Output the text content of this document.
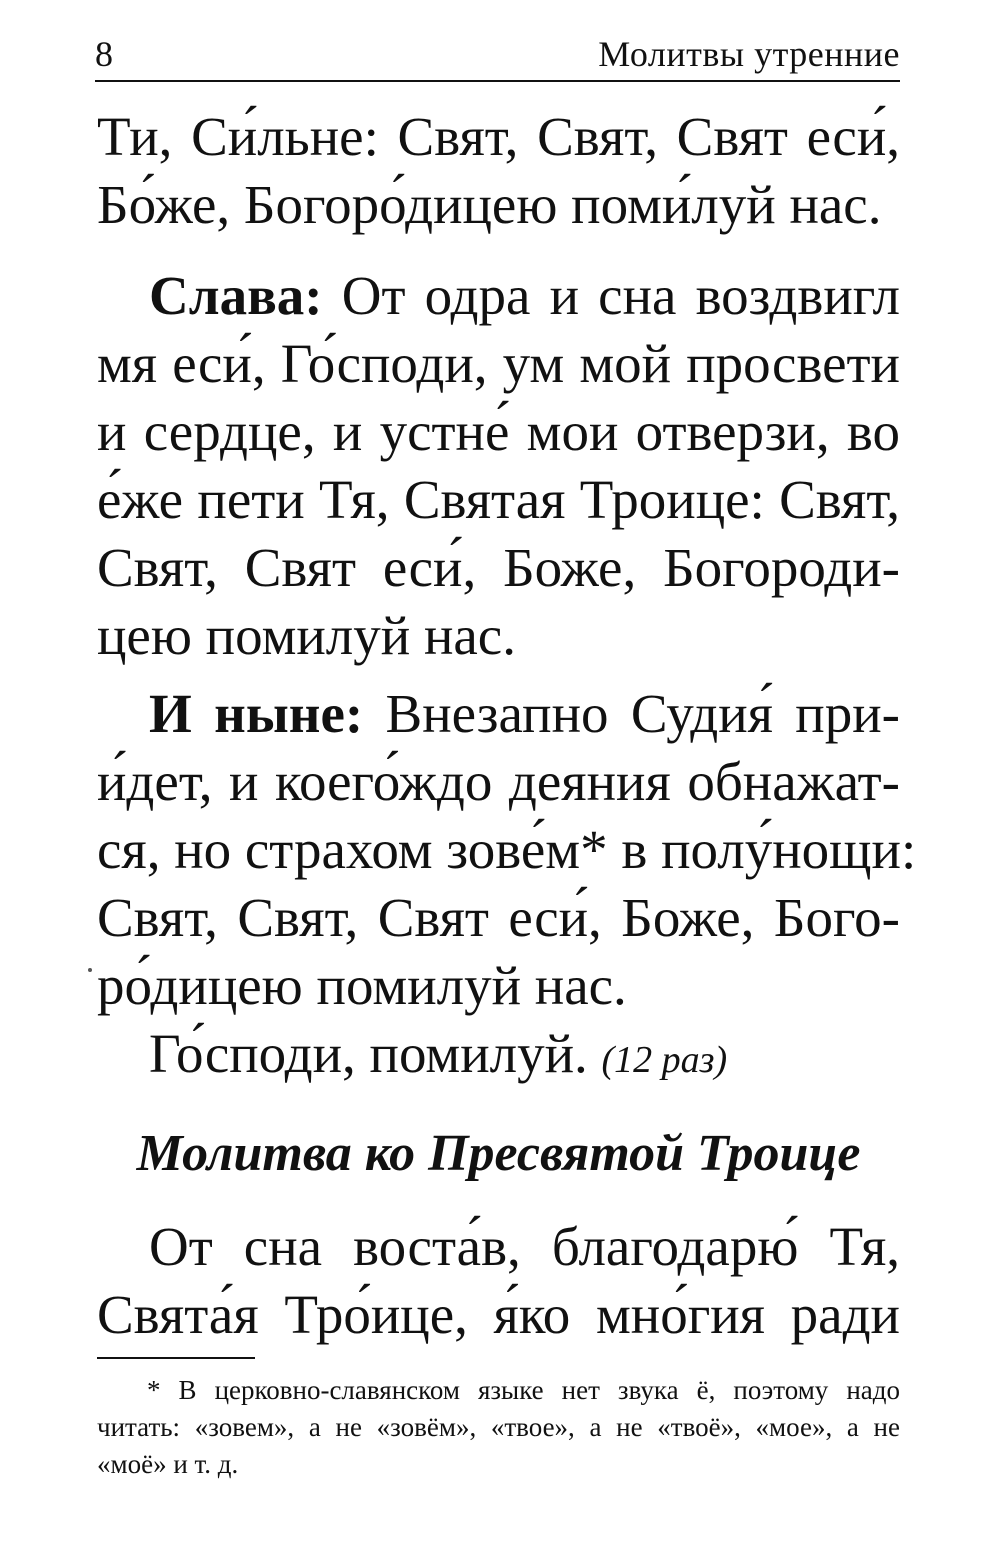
8	Молитвы утренние
Ти, Си́льне: Свят, Свят, Свят еси́,
Бо́же, Богоро́дицею поми́луй нас.
Слава: От одра и сна воздвигл
мя еси́, Го́споди, ум мой просвети
и сердце, и устне́ мои отверзи, во
е́же пети Тя, Святая Троице: Свят,
Свят, Свят еси́, Боже, Богороди-
цею помилуй нас.
И ныне: Внезапно Судия́ при-
и́дет, и коего́ждо деяния обнажат-
ся, но страхом зове́м* в полу́нощи:
Свят, Свят, Свят еси́, Боже, Бого-
ро́дицею помилуй нас.
Го́споди, помилуй. (12 раз)
Молитва ко Пресвятой Троице
От сна воста́в, благодарю́ Тя,
Свята́я Тро́ице, я́ко мно́гия ради
* В церковно-славянском языке нет звука ё, поэтому надо
читать: «зовем», а не «зовём», «твое», а не «твоё», «мое», а не
«моё» и т. д.
